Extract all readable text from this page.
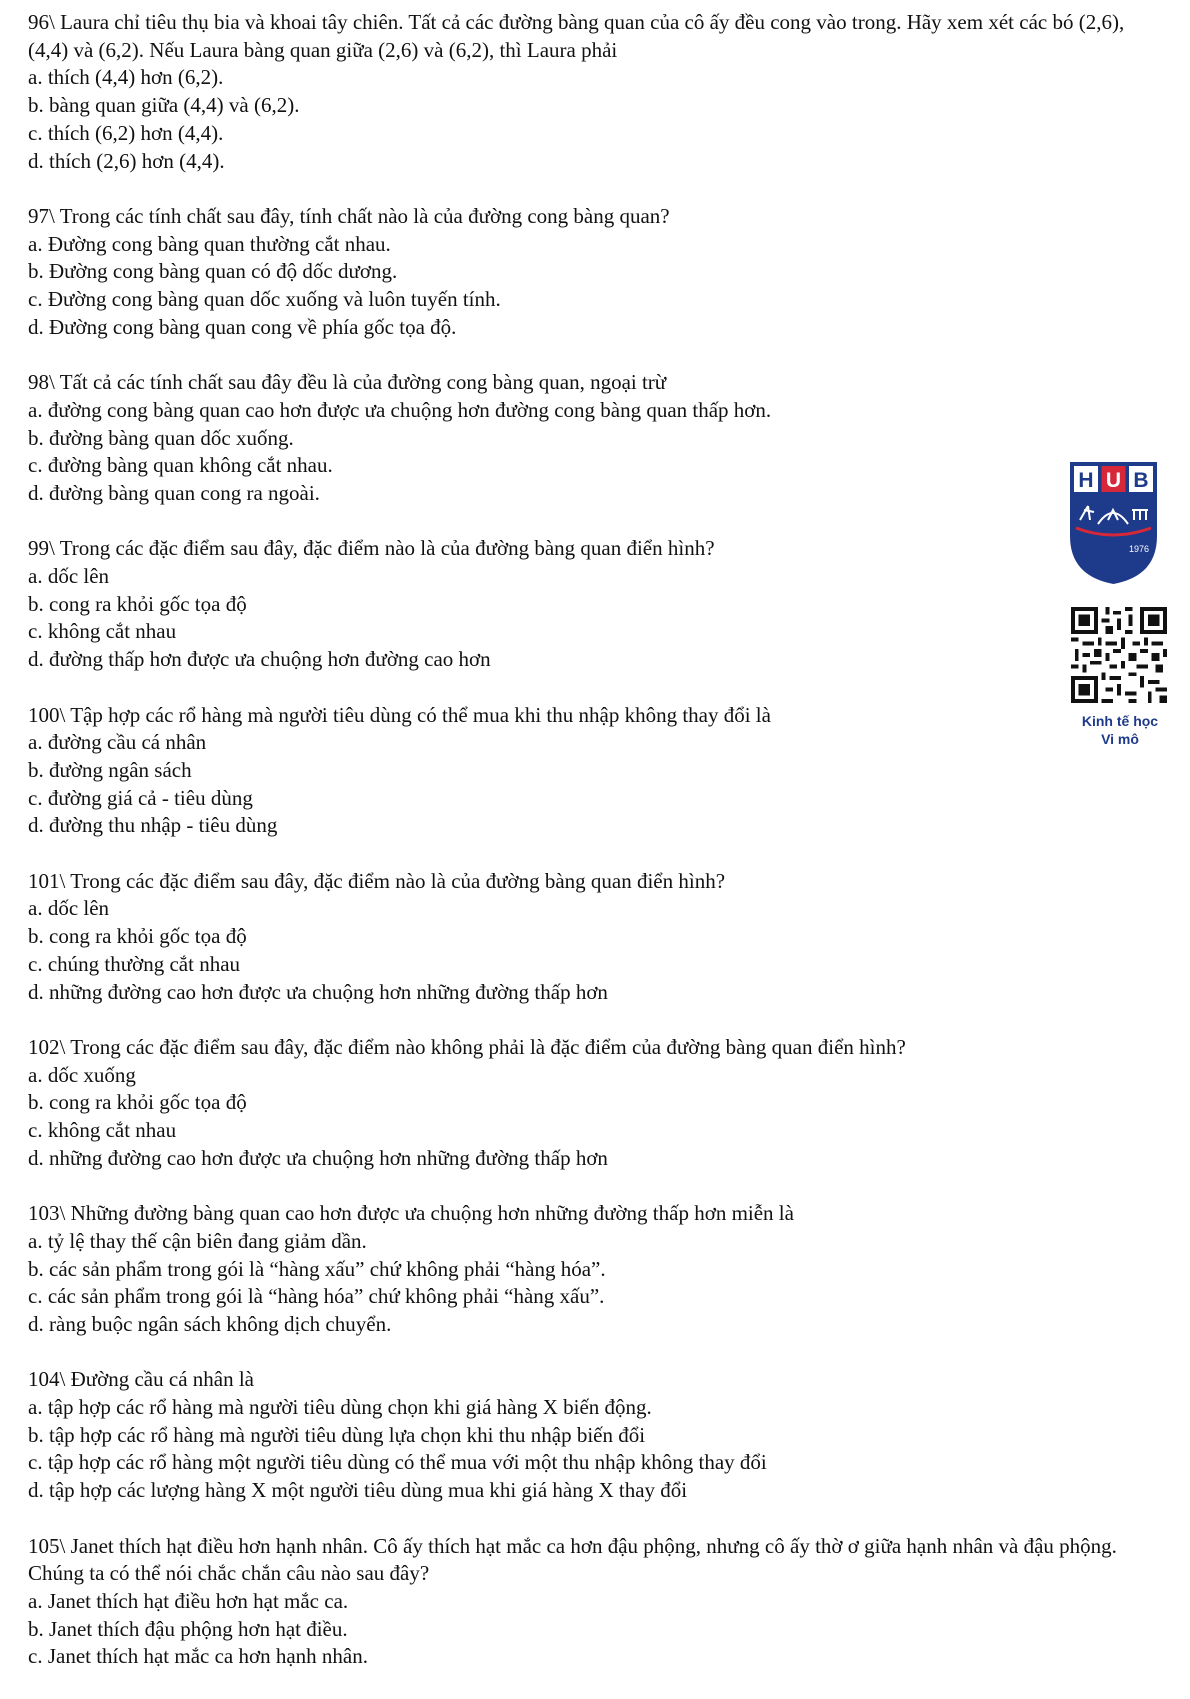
96\ Laura chỉ tiêu thụ bia và khoai tây chiên. Tất cả các đường bàng quan của cô ấy đều cong vào trong. Hãy xem xét các bó (2,6), (4,4) và (6,2). Nếu Laura bàng quan giữa (2,6) và (6,2), thì Laura phải
a. thích (4,4) hơn (6,2).
b. bàng quan giữa (4,4) và (6,2).
c. thích (6,2) hơn (4,4).
d. thích (2,6) hơn (4,4).
97\ Trong các tính chất sau đây, tính chất nào là của đường cong bàng quan?
a. Đường cong bàng quan thường cắt nhau.
b. Đường cong bàng quan có độ dốc dương.
c. Đường cong bàng quan dốc xuống và luôn tuyến tính.
d. Đường cong bàng quan cong về phía gốc tọa độ.
98\ Tất cả các tính chất sau đây đều là của đường cong bàng quan, ngoại trừ
a. đường cong bàng quan cao hơn được ưa chuộng hơn đường cong bàng quan thấp hơn.
b. đường bàng quan dốc xuống.
c. đường bàng quan không cắt nhau.
d. đường bàng quan cong ra ngoài.
99\ Trong các đặc điểm sau đây, đặc điểm nào là của đường bàng quan điển hình?
a. dốc lên
b. cong ra khỏi gốc tọa độ
c. không cắt nhau
d. đường thấp hơn được ưa chuộng hơn đường cao hơn
100\ Tập hợp các rổ hàng mà người tiêu dùng có thể mua khi thu nhập không thay đổi là
a. đường cầu cá nhân
b. đường ngân sách
c. đường giá cả - tiêu dùng
d. đường thu nhập - tiêu dùng
101\ Trong các đặc điểm sau đây, đặc điểm nào là của đường bàng quan điển hình?
a. dốc lên
b. cong ra khỏi gốc tọa độ
c. chúng thường cắt nhau
d. những đường cao hơn được ưa chuộng hơn những đường thấp hơn
102\ Trong các đặc điểm sau đây, đặc điểm nào không phải là đặc điểm của đường bàng quan điển hình?
a. dốc xuống
b. cong ra khỏi gốc tọa độ
c. không cắt nhau
d. những đường cao hơn được ưa chuộng hơn những đường thấp hơn
103\ Những đường bàng quan cao hơn được ưa chuộng hơn những đường thấp hơn miễn là
a. tỷ lệ thay thế cận biên đang giảm dần.
b. các sản phẩm trong gói là “hàng xấu” chứ không phải “hàng hóa”.
c. các sản phẩm trong gói là “hàng hóa” chứ không phải “hàng xấu”.
d. ràng buộc ngân sách không dịch chuyển.
104\ Đường cầu cá nhân là
a. tập hợp các rổ hàng mà người tiêu dùng chọn khi giá hàng X biến động.
b. tập hợp các rổ hàng mà người tiêu dùng lựa chọn khi thu nhập biến đổi
c. tập hợp các rổ hàng một người tiêu dùng có thể mua với một thu nhập không thay đổi
d. tập hợp các lượng hàng X một người tiêu dùng mua khi giá hàng X thay đổi
105\ Janet thích hạt điều hơn hạnh nhân. Cô ấy thích hạt mắc ca hơn đậu phộng, nhưng cô ấy thờ ơ giữa hạnh nhân và đậu phộng. Chúng ta có thể nói chắc chắn câu nào sau đây?
a. Janet thích hạt điều hơn hạt mắc ca.
b. Janet thích đậu phộng hơn hạt điều.
c. Janet thích hạt mắc ca hơn hạnh nhân.
H U B
1976
Kinh tế học
Vi mô
